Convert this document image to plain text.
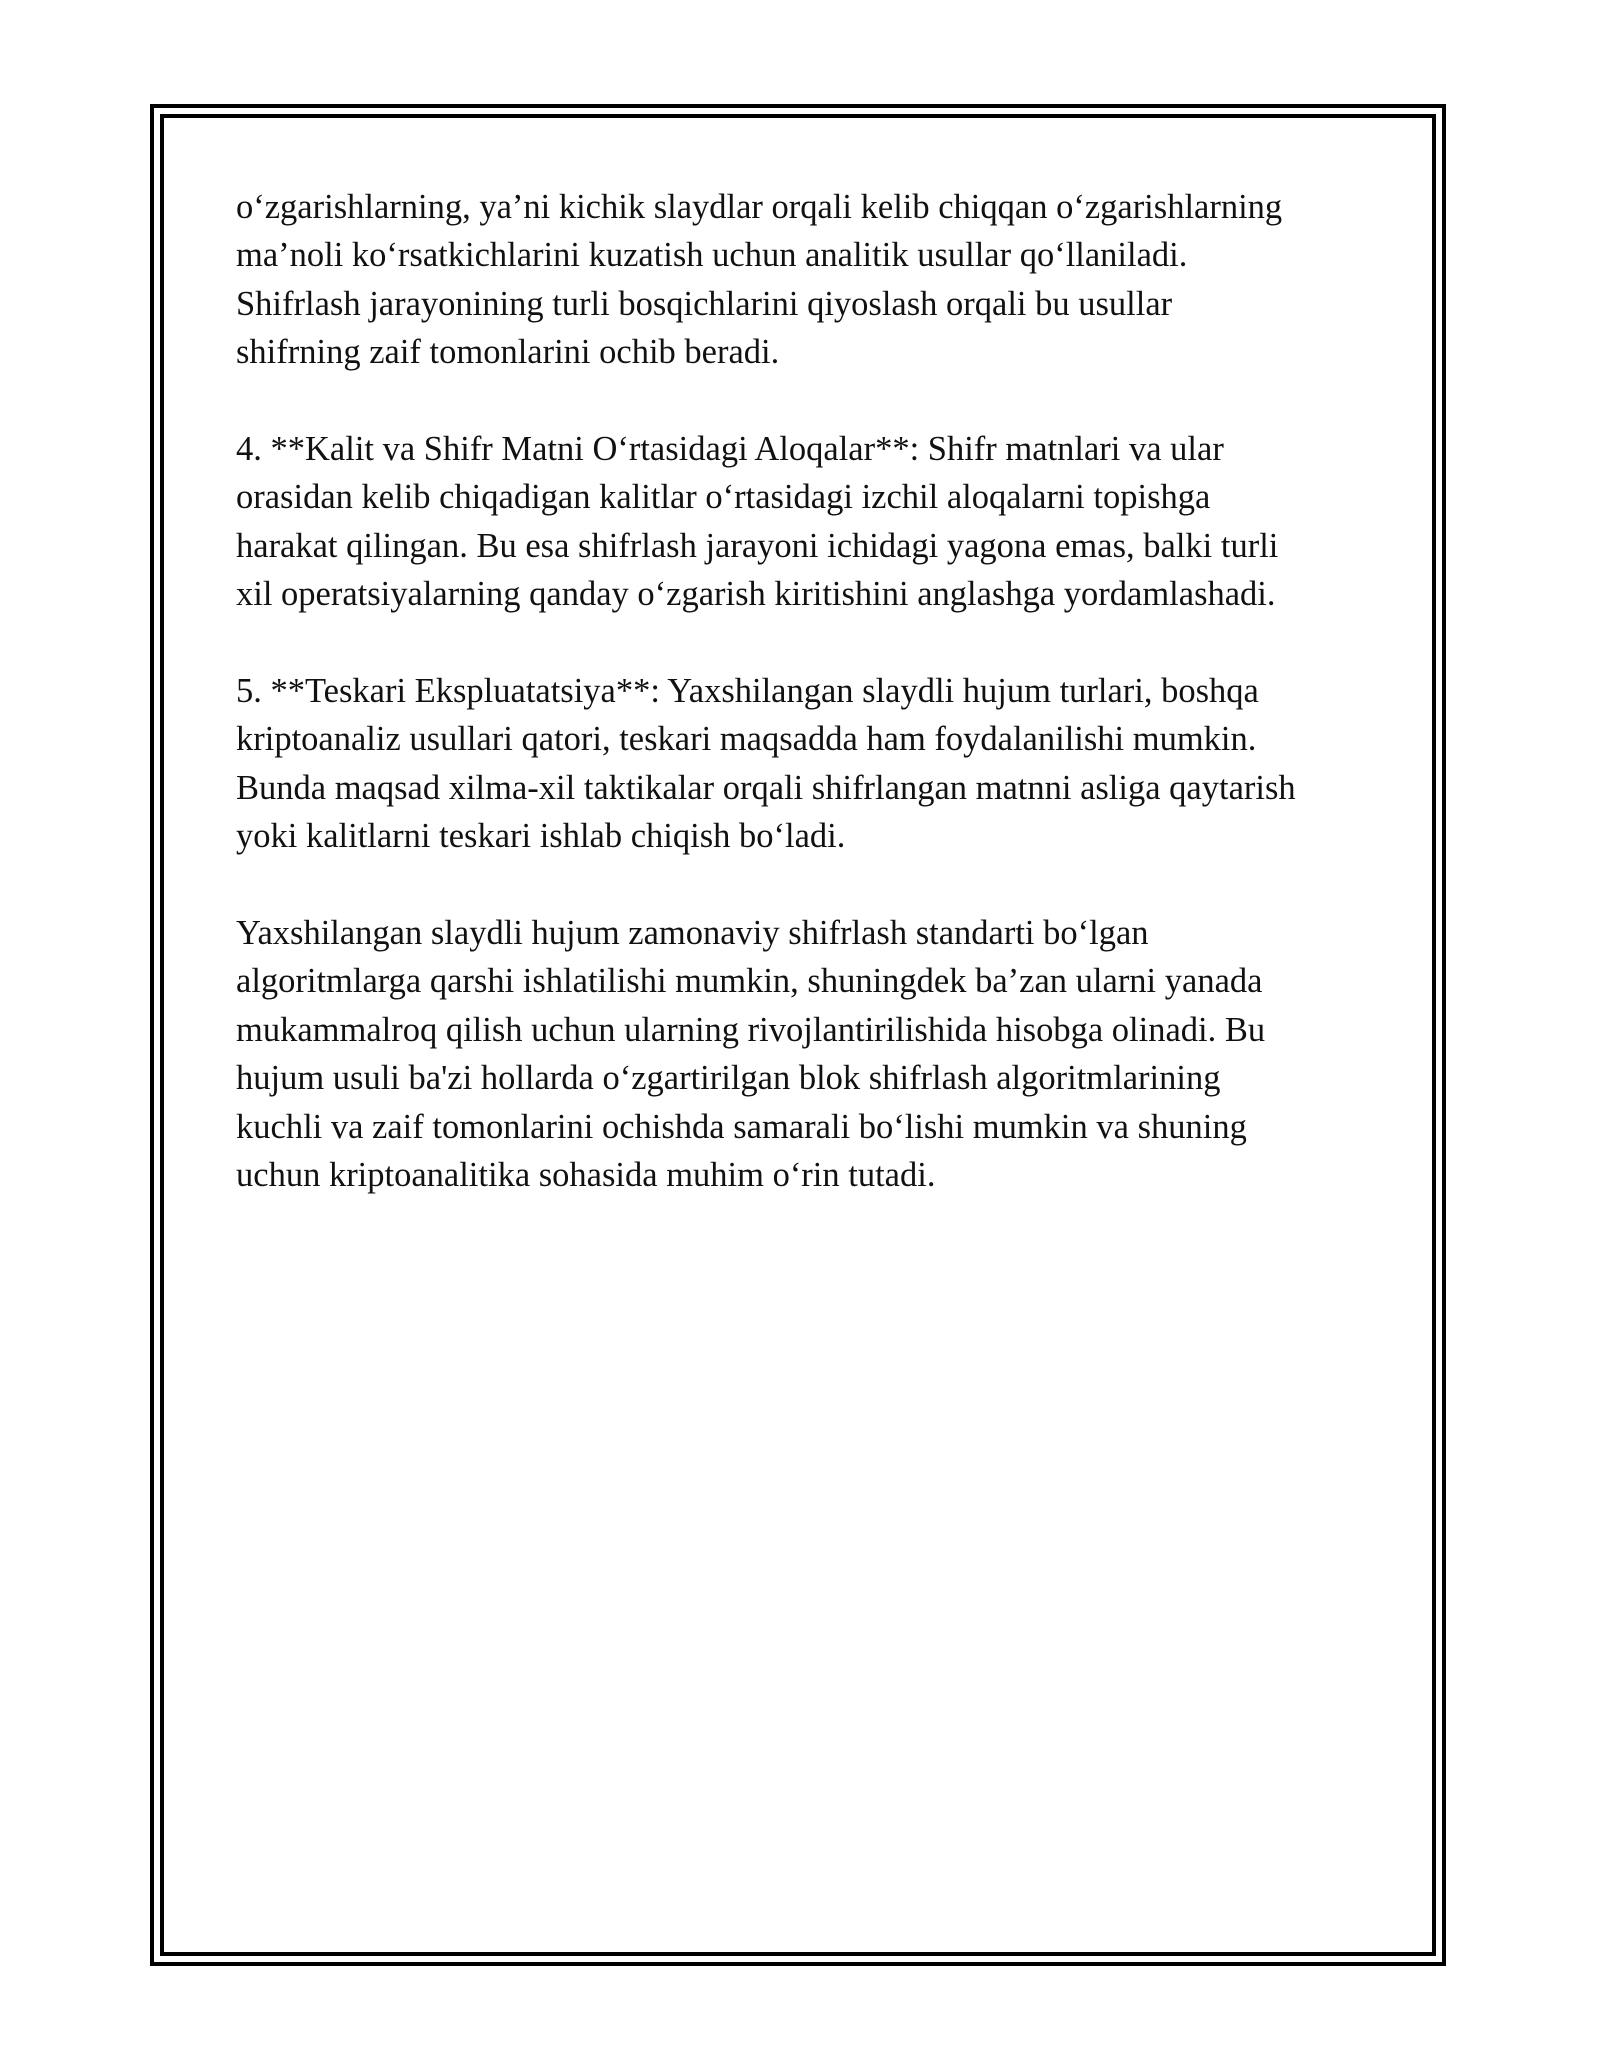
o‘zgarishlarning, ya’ni kichik slaydlar orqali kelib chiqqan o‘zgarishlarning
ma’noli ko‘rsatkichlarini kuzatish uchun analitik usullar qo‘llaniladi.
Shifrlash jarayonining turli bosqichlarini qiyoslash orqali bu usullar
shifrning zaif tomonlarini ochib beradi.

4. **Kalit va Shifr Matni O‘rtasidagi Aloqalar**: Shifr matnlari va ular
orasidan kelib chiqadigan kalitlar o‘rtasidagi izchil aloqalarni topishga
harakat qilingan. Bu esa shifrlash jarayoni ichidagi yagona emas, balki turli
xil operatsiyalarning qanday o‘zgarish kiritishini anglashga yordamlashadi.

5. **Teskari Ekspluatatsiya**: Yaxshilangan slaydli hujum turlari, boshqa
kriptoanaliz usullari qatori, teskari maqsadda ham foydalanilishi mumkin.
Bunda maqsad xilma-xil taktikalar orqali shifrlangan matnni asliga qaytarish
yoki kalitlarni teskari ishlab chiqish bo‘ladi.

Yaxshilangan slaydli hujum zamonaviy shifrlash standarti bo‘lgan
algoritmlarga qarshi ishlatilishi mumkin, shuningdek ba’zan ularni yanada
mukammalroq qilish uchun ularning rivojlantirilishida hisobga olinadi. Bu
hujum usuli ba'zi hollarda o‘zgartirilgan blok shifrlash algoritmlarining
kuchli va zaif tomonlarini ochishda samarali bo‘lishi mumkin va shuning
uchun kriptoanalitika sohasida muhim o‘rin tutadi.
